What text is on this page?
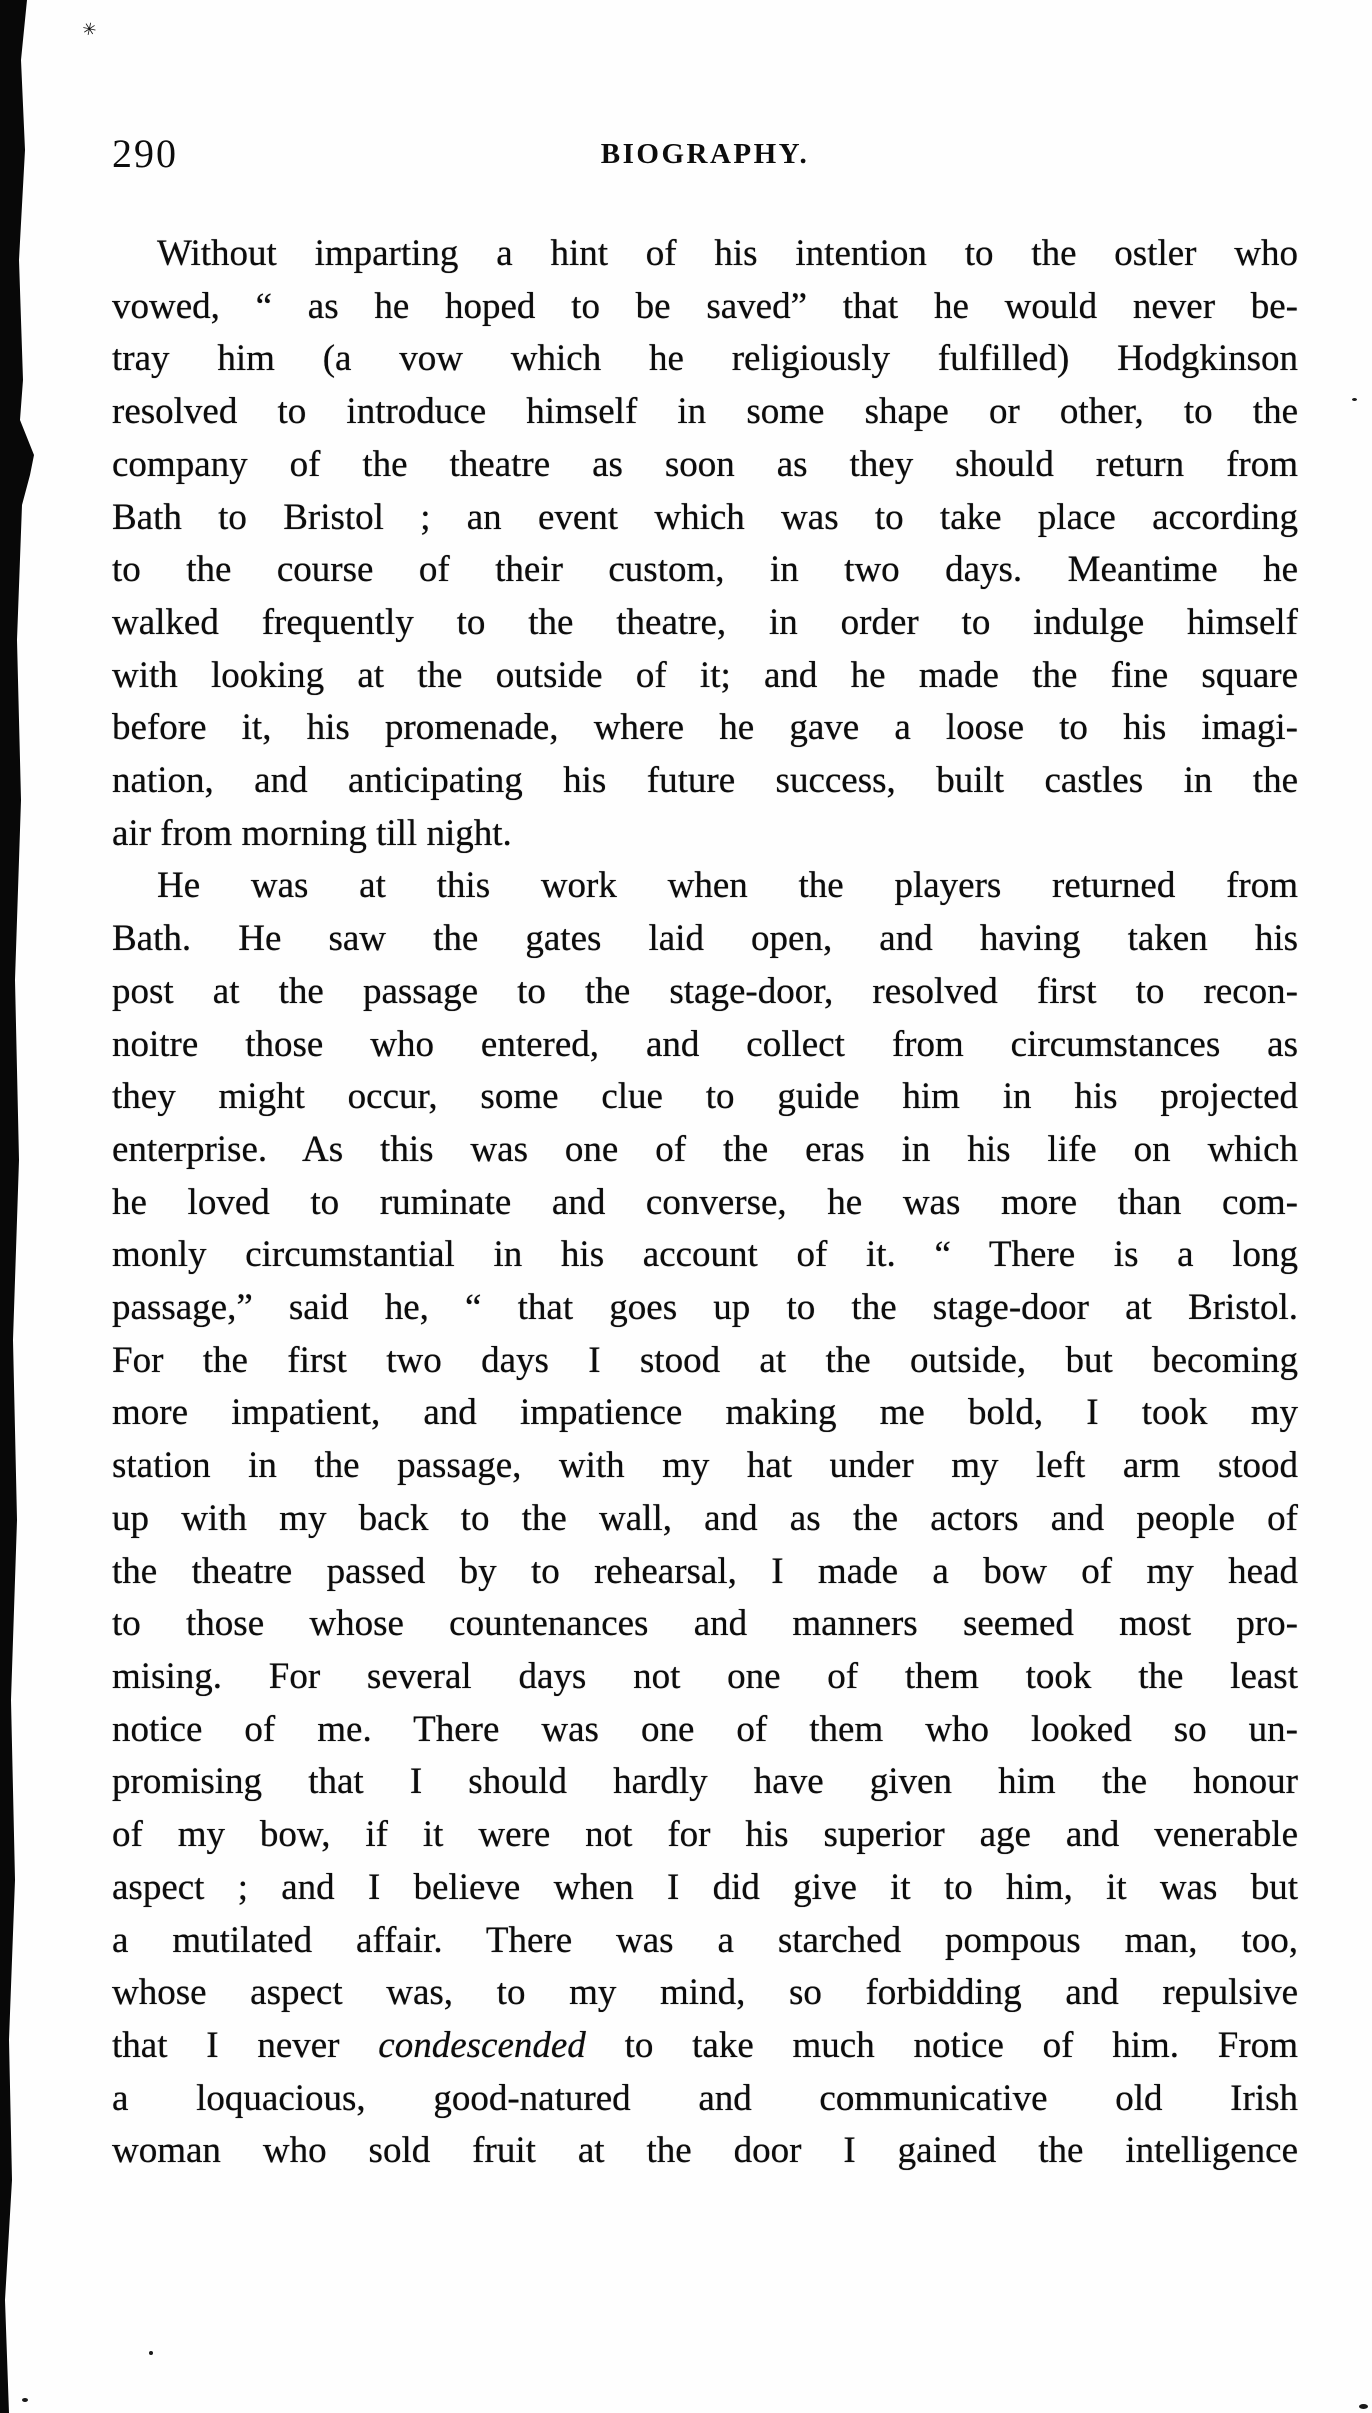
✳
290	BIOGRAPHY.
Without imparting a hint of his intention to the ostler who
vowed, “ as he hoped to be saved” that he would never be-
tray him (a vow which he religiously fulfilled) Hodgkinson
resolved to introduce himself in some shape or other, to the
company of the theatre as soon as they should return from
Bath to Bristol ; an event which was to take place according
to the course of their custom, in two days. Meantime he
walked frequently to the theatre, in order to indulge himself
with looking at the outside of it; and he made the fine square
before it, his promenade, where he gave a loose to his imagi-
nation, and anticipating his future success, built castles in the
air from morning till night.
He was at this work when the players returned from
Bath. He saw the gates laid open, and having taken his
post at the passage to the stage-door, resolved first to recon-
noitre those who entered, and collect from circumstances as
they might occur, some clue to guide him in his projected
enterprise. As this was one of the eras in his life on which
he loved to ruminate and converse, he was more than com-
monly circumstantial in his account of it. “ There is a long
passage,” said he, “ that goes up to the stage-door at Bristol.
For the first two days I stood at the outside, but becoming
more impatient, and impatience making me bold, I took my
station in the passage, with my hat under my left arm stood
up with my back to the wall, and as the actors and people of
the theatre passed by to rehearsal, I made a bow of my head
to those whose countenances and manners seemed most pro-
mising. For several days not one of them took the least
notice of me. There was one of them who looked so un-
promising that I should hardly have given him the honour
of my bow, if it were not for his superior age and venerable
aspect ; and I believe when I did give it to him, it was but
a mutilated affair. There was a starched pompous man, too,
whose aspect was, to my mind, so forbidding and repulsive
that I never condescended to take much notice of him. From
a loquacious, good-natured and communicative old Irish
woman who sold fruit at the door I gained the intelligence
